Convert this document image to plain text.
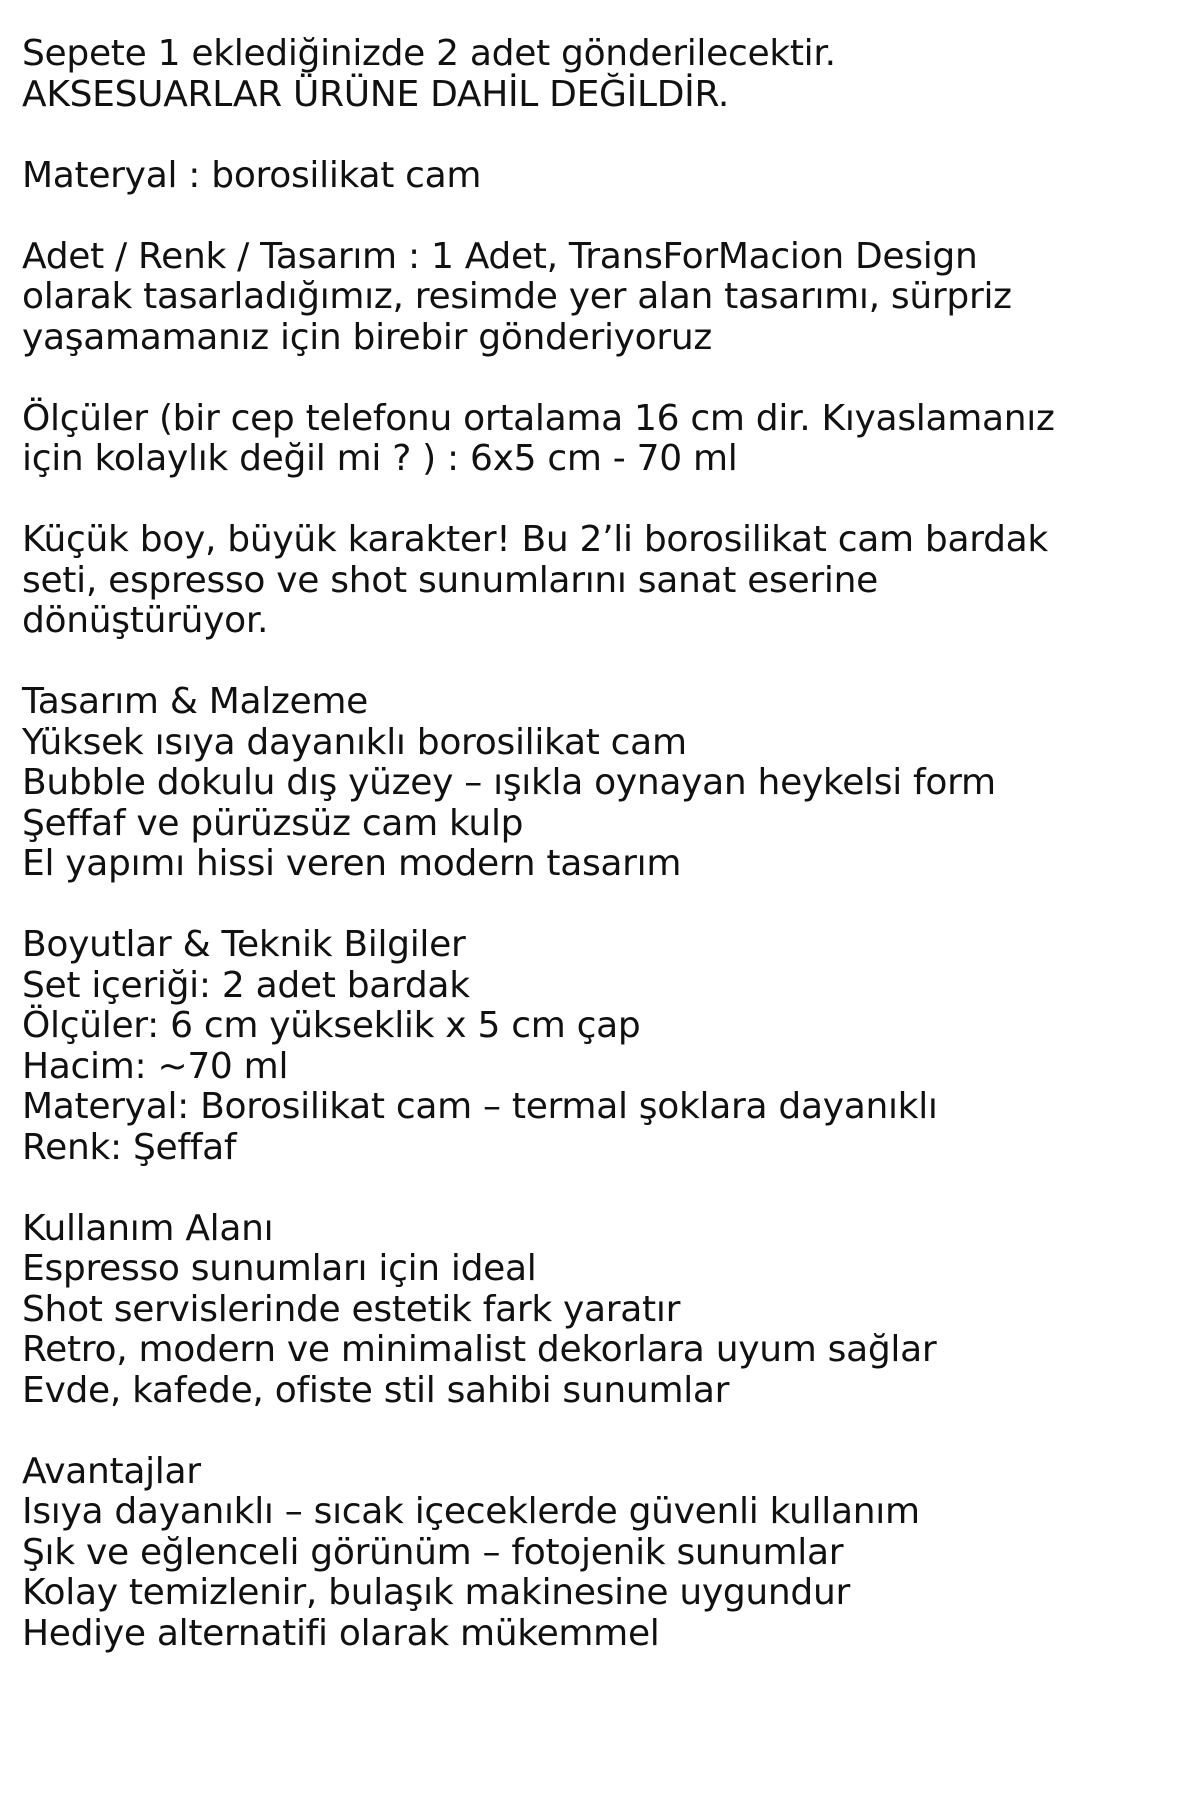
Sepete 1 eklediğinizde 2 adet gönderilecektir.
AKSESUARLAR ÜRÜNE DAHİL DEĞİLDİR.
Materyal : borosilikat cam
Adet / Renk / Tasarım : 1 Adet, TransForMacion Design
olarak tasarladığımız, resimde yer alan tasarımı, sürpriz
yaşamamanız için birebir gönderiyoruz
Ölçüler (bir cep telefonu ortalama 16 cm dir. Kıyaslamanız
için kolaylık değil mi ? ) : 6x5 cm - 70 ml
Küçük boy, büyük karakter! Bu 2’li borosilikat cam bardak
seti, espresso ve shot sunumlarını sanat eserine
dönüştürüyor.
Tasarım & Malzeme
Yüksek ısıya dayanıklı borosilikat cam
Bubble dokulu dış yüzey – ışıkla oynayan heykelsi form
Şeffaf ve pürüzsüz cam kulp
El yapımı hissi veren modern tasarım
Boyutlar & Teknik Bilgiler
Set içeriği: 2 adet bardak
Ölçüler: 6 cm yükseklik x 5 cm çap
Hacim: ~70 ml
Materyal: Borosilikat cam – termal şoklara dayanıklı
Renk: Şeffaf
Kullanım Alanı
Espresso sunumları için ideal
Shot servislerinde estetik fark yaratır
Retro, modern ve minimalist dekorlara uyum sağlar
Evde, kafede, ofiste stil sahibi sunumlar
Avantajlar
Isıya dayanıklı – sıcak içeceklerde güvenli kullanım
Şık ve eğlenceli görünüm – fotojenik sunumlar
Kolay temizlenir, bulaşık makinesine uygundur
Hediye alternatifi olarak mükemmel
